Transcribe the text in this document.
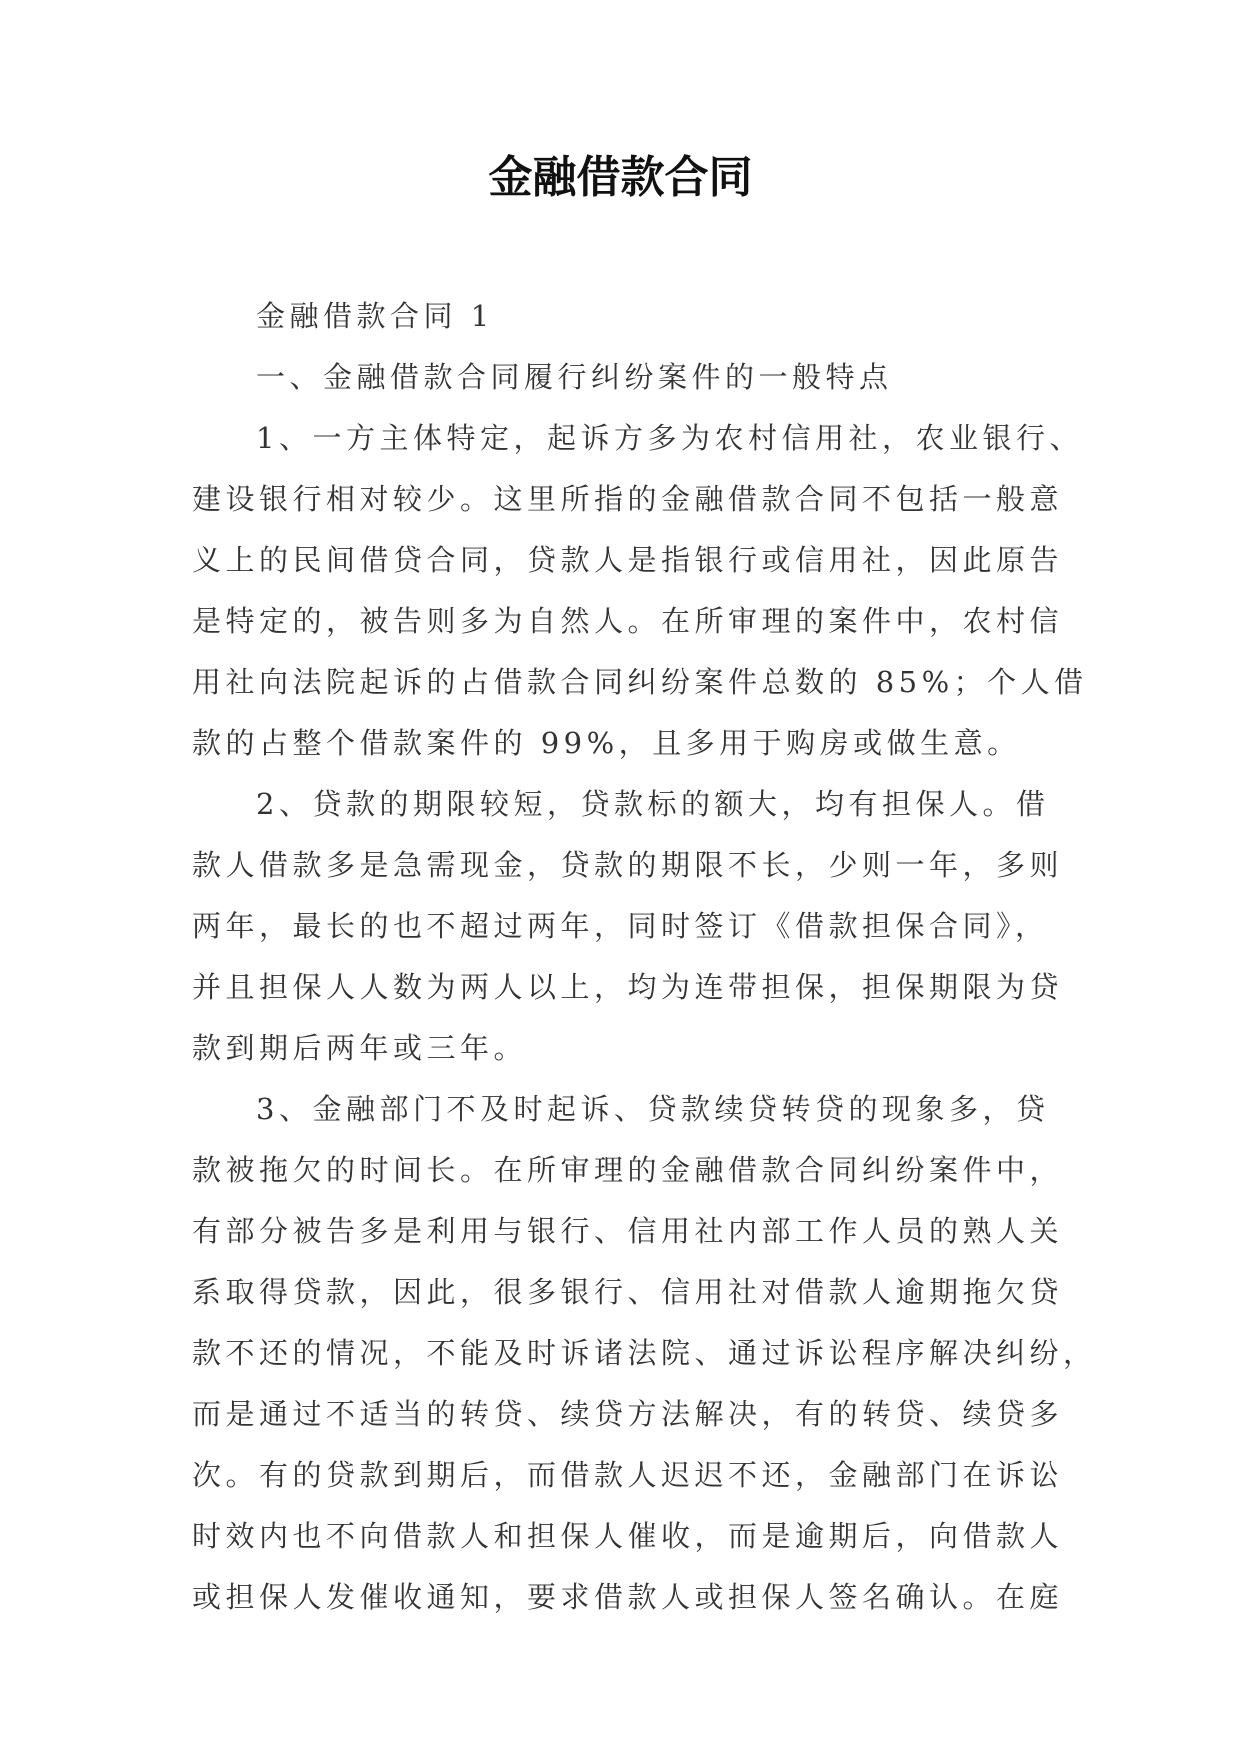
金融借款合同
金融借款合同 1
一、金融借款合同履行纠纷案件的一般特点
1、一方主体特定，起诉方多为农村信用社，农业银行、
建设银行相对较少。这里所指的金融借款合同不包括一般意
义上的民间借贷合同，贷款人是指银行或信用社，因此原告
是特定的，被告则多为自然人。在所审理的案件中，农村信
用社向法院起诉的占借款合同纠纷案件总数的 85%；个人借
款的占整个借款案件的 99%，且多用于购房或做生意。
2、贷款的期限较短，贷款标的额大，均有担保人。借
款人借款多是急需现金，贷款的期限不长，少则一年，多则
两年，最长的也不超过两年，同时签订《借款担保合同》，
并且担保人人数为两人以上，均为连带担保，担保期限为贷
款到期后两年或三年。
3、金融部门不及时起诉、贷款续贷转贷的现象多，贷
款被拖欠的时间长。在所审理的金融借款合同纠纷案件中，
有部分被告多是利用与银行、信用社内部工作人员的熟人关
系取得贷款，因此，很多银行、信用社对借款人逾期拖欠贷
款不还的情况，不能及时诉诸法院、通过诉讼程序解决纠纷，
而是通过不适当的转贷、续贷方法解决，有的转贷、续贷多
次。有的贷款到期后，而借款人迟迟不还，金融部门在诉讼
时效内也不向借款人和担保人催收，而是逾期后，向借款人
或担保人发催收通知，要求借款人或担保人签名确认。在庭
